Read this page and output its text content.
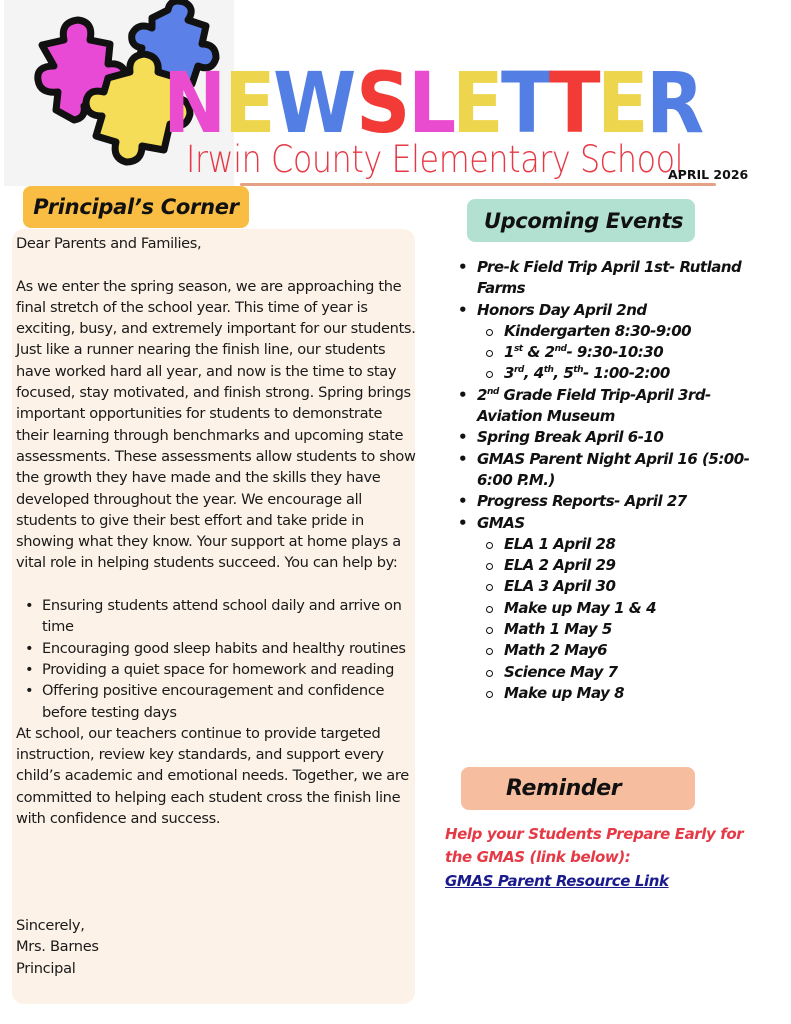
N E
W S
L
E
T
T
E
R
Irwin County Elementary School
APRIL 2026
Principal’s Corner

Dear Parents and Families,

As we enter the spring season, we are approaching the final stretch of the school year. This time of year is exciting, busy, and extremely important for our students. Just like a runner nearing the finish line, our students have worked hard all year, and now is the time to stay focused, stay motivated, and finish strong. Spring brings important opportunities for students to demonstrate their learning through benchmarks and upcoming state assessments. These assessments allow students to show the growth they have made and the skills they have developed throughout the year. We encourage all students to give their best effort and take pride in showing what they know. Your support at home plays a vital role in helping students succeed. You can help by:

• Ensuring students attend school daily and arrive on time
• Encouraging good sleep habits and healthy routines
• Providing a quiet space for homework and reading
• Offering positive encouragement and confidence before testing days

At school, our teachers continue to provide targeted instruction, review key standards, and support every child’s academic and emotional needs. Together, we are committed to helping each student cross the finish line with confidence and success.

Sincerely,

Mrs. Barnes

Principal

Upcoming Events
• Pre-k Field Trip April 1st- Rutland Farms
• Honors Day April 2nd
Kindergarten 8:30-9:00
1st & 2nd- 9:30-10:30
3rd, 4th, 5th- 1:00-2:00
• 2nd Grade Field Trip-April 3rd- Aviation Museum
• Spring Break April 6-10
• GMAS Parent Night April 16 (5:00-6:00 P.M.)
• Progress Reports- April 27
• GMAS
ELA 1 April 28
ELA 2 April 29
ELA 3 April 30
Make up May 1 & 4
Math 1 May 5
Math 2 May6
Science May 7
Make up May 8
Reminder
Help your Students Prepare Early for the GMAS (link below):
GMAS Parent Resource Link
